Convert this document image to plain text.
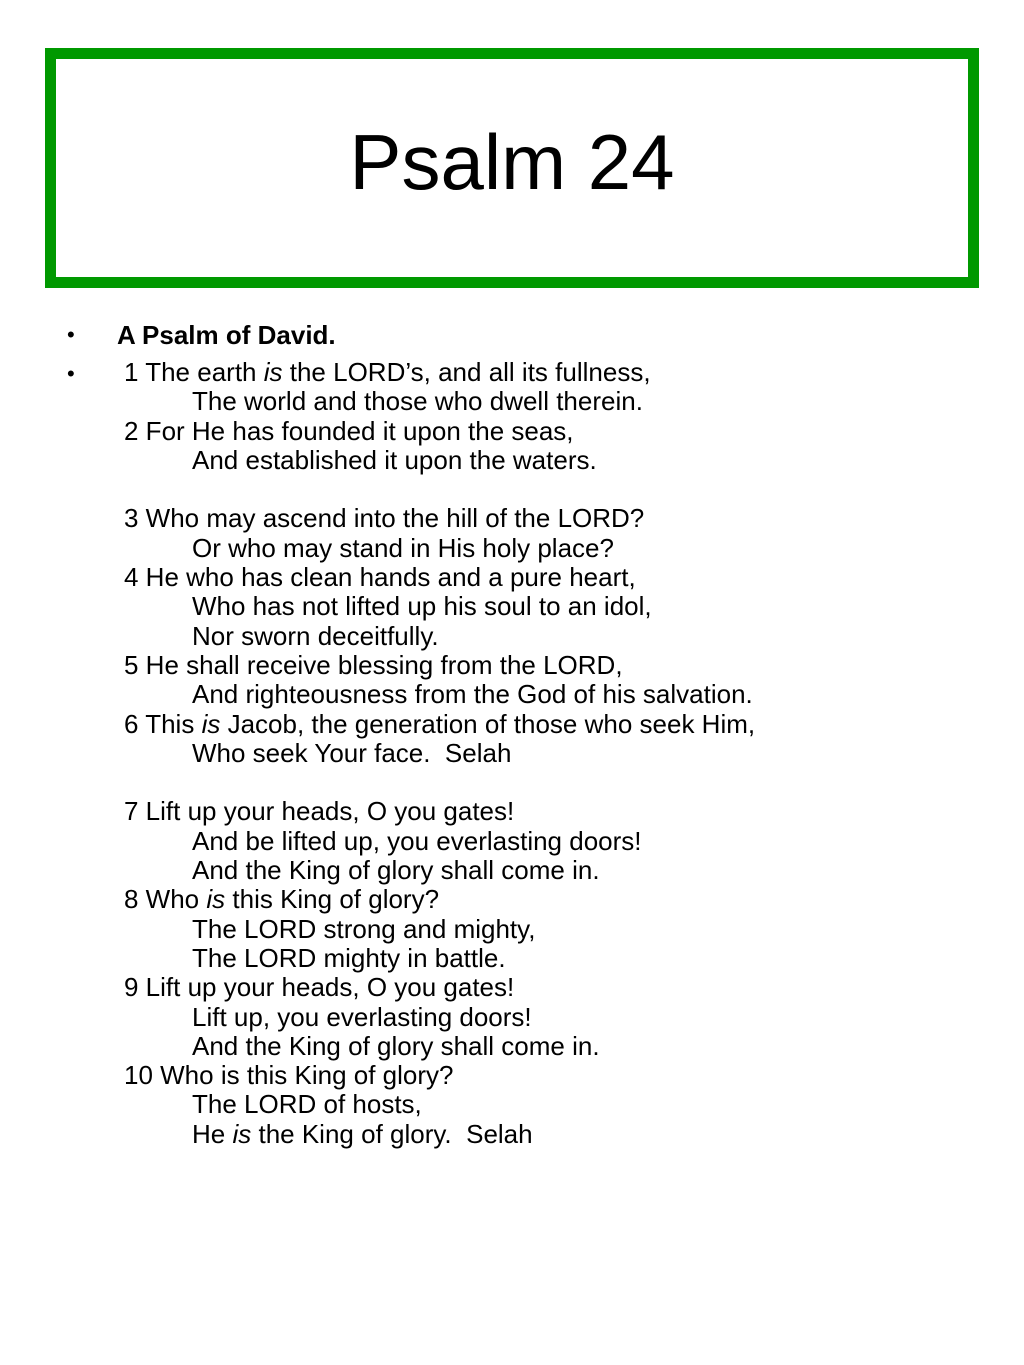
Psalm 24
• A Psalm of David.
• 1 The earth is the LORD’s, and all its fullness,
The world and those who dwell therein.
2 For He has founded it upon the seas,
And established it upon the waters.
3 Who may ascend into the hill of the LORD?
Or who may stand in His holy place?
4 He who has clean hands and a pure heart,
Who has not lifted up his soul to an idol,
Nor sworn deceitfully.
5 He shall receive blessing from the LORD,
And righteousness from the God of his salvation.
6 This is Jacob, the generation of those who seek Him,
Who seek Your face.  Selah
7 Lift up your heads, O you gates!
And be lifted up, you everlasting doors!
And the King of glory shall come in.
8 Who is this King of glory?
The LORD strong and mighty,
The LORD mighty in battle.
9 Lift up your heads, O you gates!
Lift up, you everlasting doors!
And the King of glory shall come in.
10 Who is this King of glory?
The LORD of hosts,
He is the King of glory.  Selah
